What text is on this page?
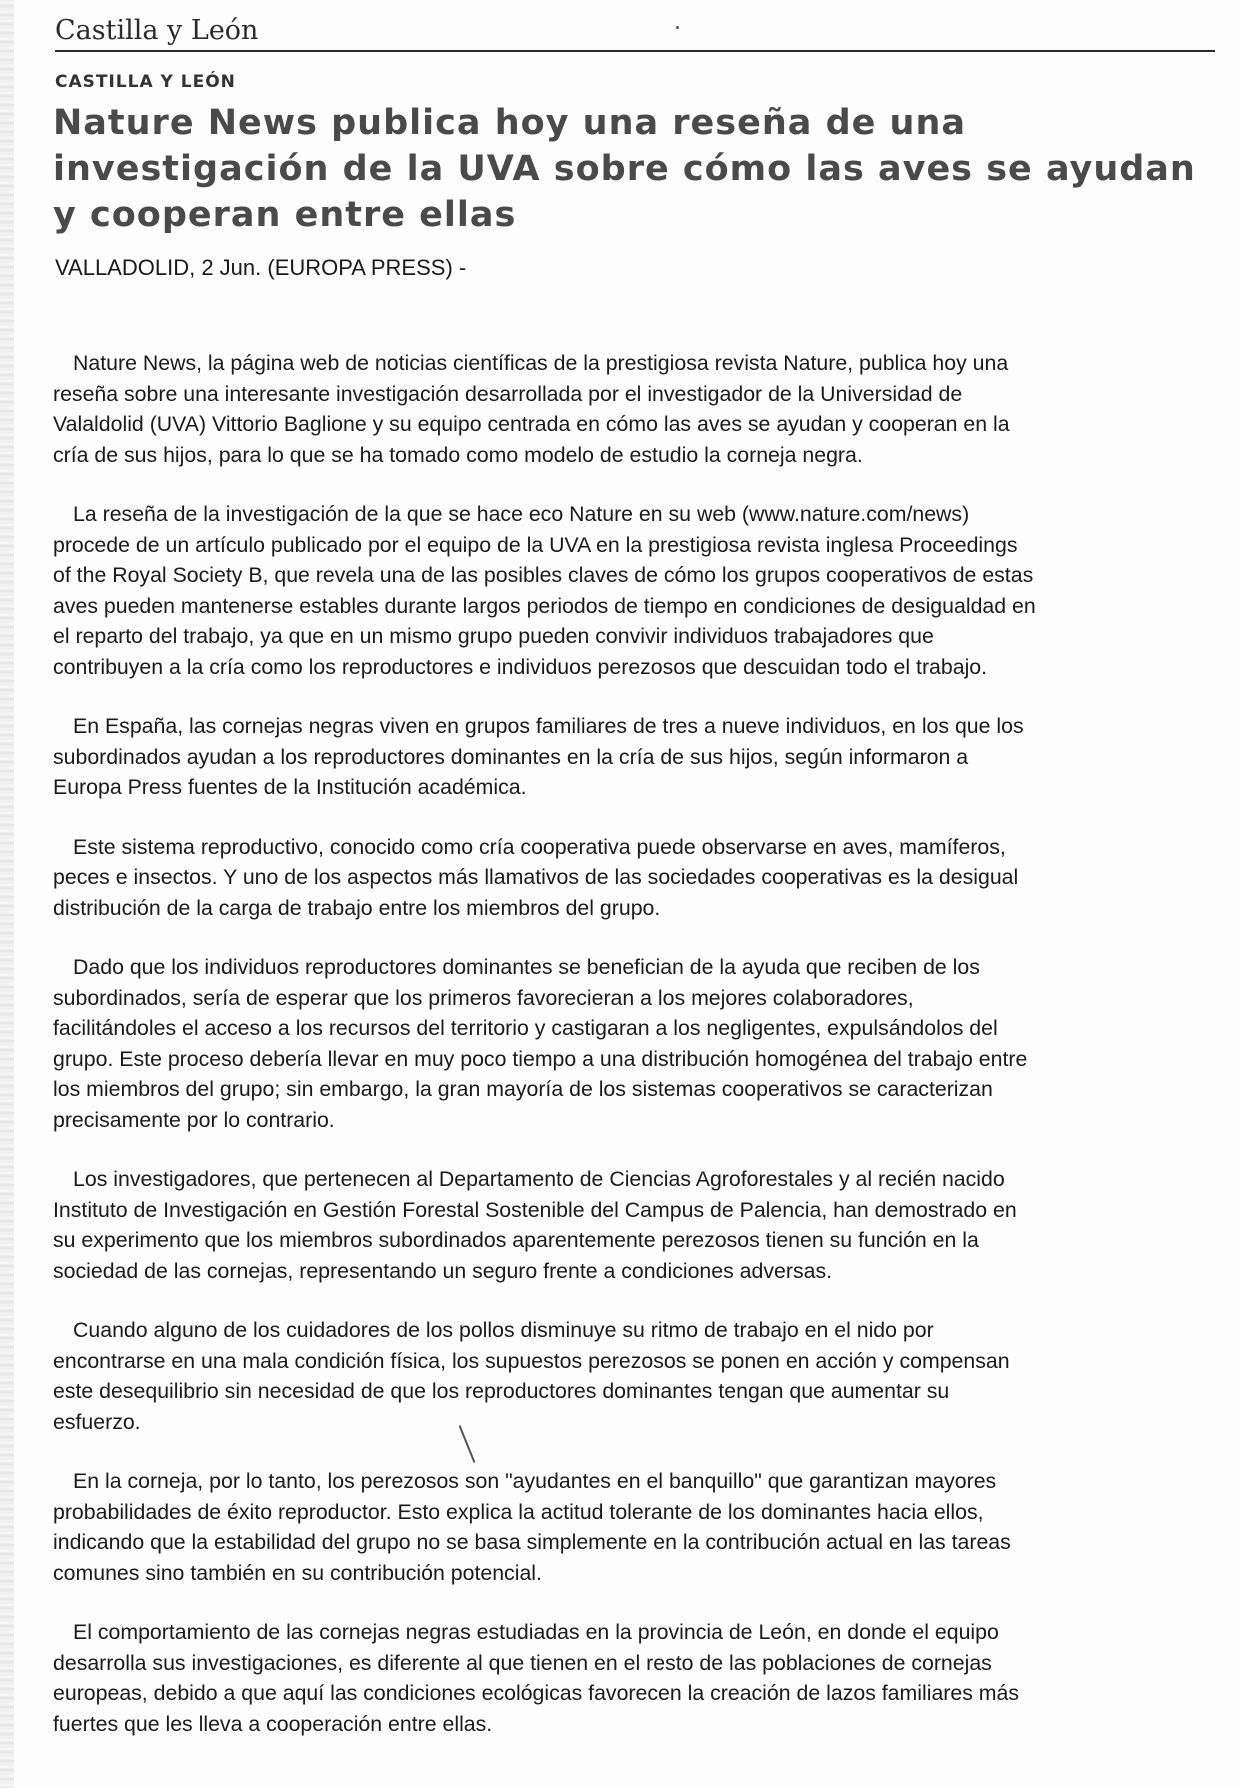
Castilla y León
CASTILLA Y LEÓN
Nature News publica hoy una reseña de una
investigación de la UVA sobre cómo las aves se ayudan
y cooperan entre ellas
VALLADOLID, 2 Jun. (EUROPA PRESS) -

Nature News, la página web de noticias científicas de la prestigiosa revista Nature, publica hoy una
reseña sobre una interesante investigación desarrollada por el investigador de la Universidad de
Valaldolid (UVA) Vittorio Baglione y su equipo centrada en cómo las aves se ayudan y cooperan en la
cría de sus hijos, para lo que se ha tomado como modelo de estudio la corneja negra.

La reseña de la investigación de la que se hace eco Nature en su web (www.nature.com/news)
procede de un artículo publicado por el equipo de la UVA en la prestigiosa revista inglesa Proceedings
of the Royal Society B, que revela una de las posibles claves de cómo los grupos cooperativos de estas
aves pueden mantenerse estables durante largos periodos de tiempo en condiciones de desigualdad en
el reparto del trabajo, ya que en un mismo grupo pueden convivir individuos trabajadores que
contribuyen a la cría como los reproductores e individuos perezosos que descuidan todo el trabajo.

En España, las cornejas negras viven en grupos familiares de tres a nueve individuos, en los que los
subordinados ayudan a los reproductores dominantes en la cría de sus hijos, según informaron a
Europa Press fuentes de la Institución académica.

Este sistema reproductivo, conocido como cría cooperativa puede observarse en aves, mamíferos,
peces e insectos. Y uno de los aspectos más llamativos de las sociedades cooperativas es la desigual
distribución de la carga de trabajo entre los miembros del grupo.

Dado que los individuos reproductores dominantes se benefician de la ayuda que reciben de los
subordinados, sería de esperar que los primeros favorecieran a los mejores colaboradores,
facilitándoles el acceso a los recursos del territorio y castigaran a los negligentes, expulsándolos del
grupo. Este proceso debería llevar en muy poco tiempo a una distribución homogénea del trabajo entre
los miembros del grupo; sin embargo, la gran mayoría de los sistemas cooperativos se caracterizan
precisamente por lo contrario.

Los investigadores, que pertenecen al Departamento de Ciencias Agroforestales y al recién nacido
Instituto de Investigación en Gestión Forestal Sostenible del Campus de Palencia, han demostrado en
su experimento que los miembros subordinados aparentemente perezosos tienen su función en la
sociedad de las cornejas, representando un seguro frente a condiciones adversas.

Cuando alguno de los cuidadores de los pollos disminuye su ritmo de trabajo en el nido por
encontrarse en una mala condición física, los supuestos perezosos se ponen en acción y compensan
este desequilibrio sin necesidad de que los reproductores dominantes tengan que aumentar su
esfuerzo.

En la corneja, por lo tanto, los perezosos son "ayudantes en el banquillo" que garantizan mayores
probabilidades de éxito reproductor. Esto explica la actitud tolerante de los dominantes hacia ellos,
indicando que la estabilidad del grupo no se basa simplemente en la contribución actual en las tareas
comunes sino también en su contribución potencial.

El comportamiento de las cornejas negras estudiadas en la provincia de León, en donde el equipo
desarrolla sus investigaciones, es diferente al que tienen en el resto de las poblaciones de cornejas
europeas, debido a que aquí las condiciones ecológicas favorecen la creación de lazos familiares más
fuertes que les lleva a cooperación entre ellas.
